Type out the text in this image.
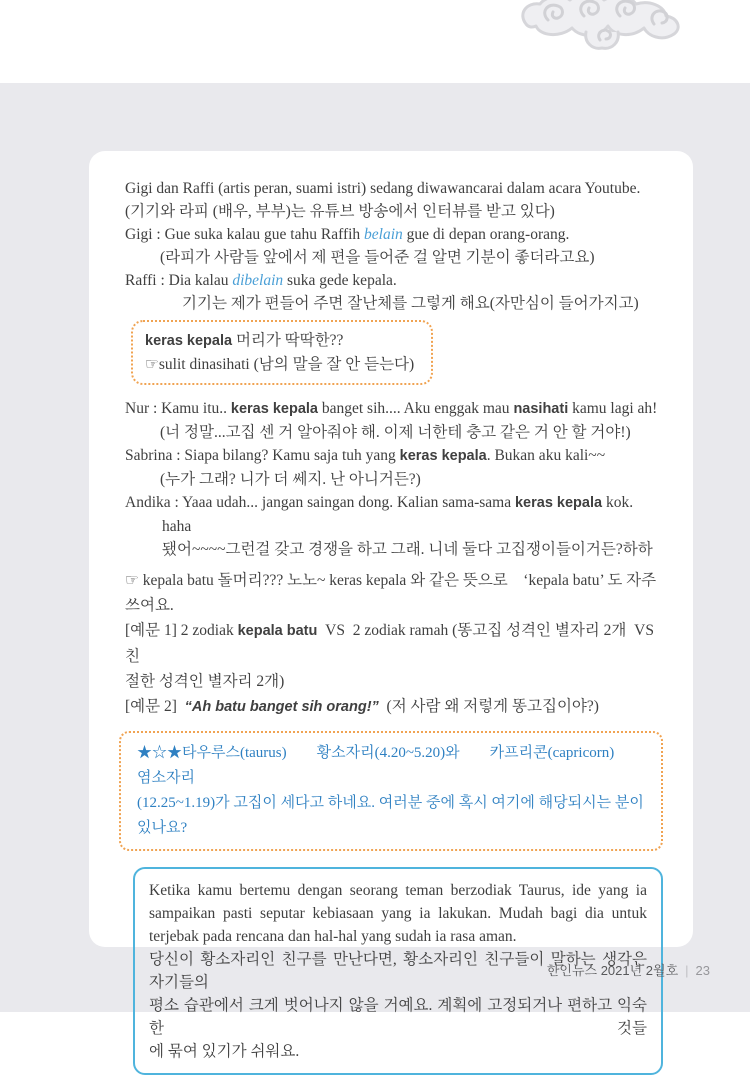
Gigi dan Raffi (artis peran, suami istri) sedang diwawancarai dalam acara Youtube.
(기기와 라피 (배우, 부부)는 유튜브 방송에서 인터뷰를 받고 있다)
Gigi : Gue suka kalau gue tahu Raffih belain gue di depan orang-orang.
(라피가 사람들 앞에서 제 편을 들어준 걸 알면 기분이 좋더라고요)
Raffi : Dia kalau dibelain suka gede kepala.
기기는 제가 편들어 주면 잘난체를 그렇게 해요(자만심이 들어가지고)
keras kepala 머리가 딱딱한??
☞sulit dinasihati (남의 말을 잘 안 듣는다)
Nur : Kamu itu.. keras kepala banget sih.... Aku enggak mau nasihati kamu lagi ah!
(너 정말...고집 센 거 알아줘야 해. 이제 너한테 충고 같은 거 안 할 거야!)
Sabrina : Siapa bilang? Kamu saja tuh yang keras kepala. Bukan aku kali~~
(누가 그래? 니가 더 쎄지. 난 아니거든?)
Andika : Yaaa udah... jangan saingan dong. Kalian sama-sama keras kepala kok.
haha
됐어~~~~그런걸 갖고 경쟁을 하고 그래. 니네 둘다 고집쟁이들이거든?하하
☞ kepala batu 돌머리??? 노노~ keras kepala 와 같은 뜻으로 ‘kepala batu’ 도 자주
쓰여요.
[예문 1] 2 zodiak kepala batu VS 2 zodiak ramah (똥고집 성격인 별자리 2개 VS 친
절한 성격인 별자리 2개)
[예문 2] “Ah batu banget sih orang!” (저 사람 왜 저렇게 똥고집이야?)
★☆★타우루스(taurus)　　황소자리(4.20~5.20)와　　카프리콘(capricorn)　　염소자리
(12.25~1.19)가 고집이 세다고 하네요. 여러분 중에 혹시 여기에 해당되시는 분이 있나요?
Ketika kamu bertemu dengan seorang teman berzodiak Taurus, ide yang ia
sampaikan pasti seputar kebiasaan yang ia lakukan. Mudah bagi dia untuk
terjebak pada rencana dan hal-hal yang sudah ia rasa aman.
당신이 황소자리인 친구를 만난다면, 황소자리인 친구들이 말하는 생각은 자기들의
평소 습관에서 크게 벗어나지 않을 거예요. 계획에 고정되거나 편하고 익숙한 것들
에 묶여 있기가 쉬워요.
한인뉴스 2021년 2월호 | 23
